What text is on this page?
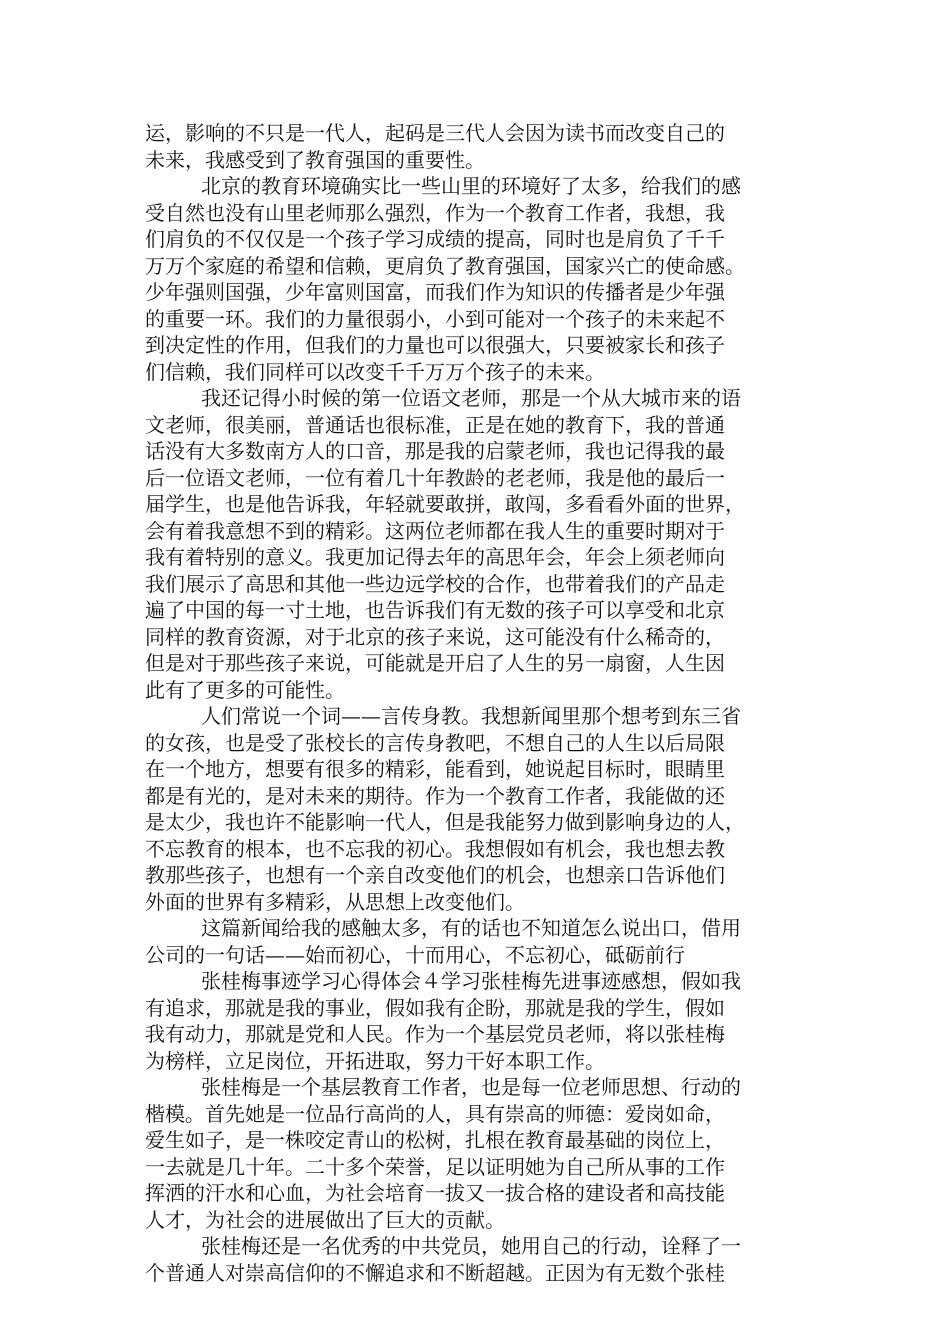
运，影响的不只是一代人，起码是三代人会因为读书而改变自己的
未来，我感受到了教育强国的重要性。

北京的教育环境确实比一些山里的环境好了太多，给我们的感
受自然也没有山里老师那么强烈，作为一个教育工作者，我想，我
们肩负的不仅仅是一个孩子学习成绩的提高，同时也是肩负了千千
万万个家庭的希望和信赖，更肩负了教育强国，国家兴亡的使命感。
少年强则国强，少年富则国富，而我们作为知识的传播者是少年强
的重要一环。我们的力量很弱小，小到可能对一个孩子的未来起不
到决定性的作用，但我们的力量也可以很强大，只要被家长和孩子
们信赖，我们同样可以改变千千万万个孩子的未来。

我还记得小时候的第一位语文老师，那是一个从大城市来的语
文老师，很美丽，普通话也很标准，正是在她的教育下，我的普通
话没有大多数南方人的口音，那是我的启蒙老师，我也记得我的最
后一位语文老师，一位有着几十年教龄的老老师，我是他的最后一
届学生，也是他告诉我，年轻就要敢拼，敢闯，多看看外面的世界，
会有着我意想不到的精彩。这两位老师都在我人生的重要时期对于
我有着特别的意义。我更加记得去年的高思年会，年会上须老师向
我们展示了高思和其他一些边远学校的合作，也带着我们的产品走
遍了中国的每一寸土地，也告诉我们有无数的孩子可以享受和北京
同样的教育资源，对于北京的孩子来说，这可能没有什么稀奇的，
但是对于那些孩子来说，可能就是开启了人生的另一扇窗，人生因
此有了更多的可能性。

人们常说一个词——言传身教。我想新闻里那个想考到东三省
的女孩，也是受了张校长的言传身教吧，不想自己的人生以后局限
在一个地方，想要有很多的精彩，能看到，她说起目标时，眼睛里
都是有光的，是对未来的期待。作为一个教育工作者，我能做的还
是太少，我也许不能影响一代人，但是我能努力做到影响身边的人，
不忘教育的根本，也不忘我的初心。我想假如有机会，我也想去教
教那些孩子，也想有一个亲自改变他们的机会，也想亲口告诉他们
外面的世界有多精彩，从思想上改变他们。

这篇新闻给我的感触太多，有的话也不知道怎么说出口，借用
公司的一句话——始而初心，十而用心，不忘初心，砥砺前行

张桂梅事迹学习心得体会４学习张桂梅先进事迹感想，假如我
有追求，那就是我的事业，假如我有企盼，那就是我的学生，假如
我有动力，那就是党和人民。作为一个基层党员老师，将以张桂梅
为榜样，立足岗位，开拓进取，努力干好本职工作。

张桂梅是一个基层教育工作者，也是每一位老师思想、行动的
楷模。首先她是一位品行高尚的人，具有崇高的师德：爱岗如命，
爱生如子，是一株咬定青山的松树，扎根在教育最基础的岗位上，
一去就是几十年。二十多个荣誉，足以证明她为自己所从事的工作
挥洒的汗水和心血，为社会培育一拔又一拔合格的建设者和高技能
人才，为社会的进展做出了巨大的贡献。

张桂梅还是一名优秀的中共党员，她用自己的行动，诠释了一
个普通人对崇高信仰的不懈追求和不断超越。正因为有无数个张桂
